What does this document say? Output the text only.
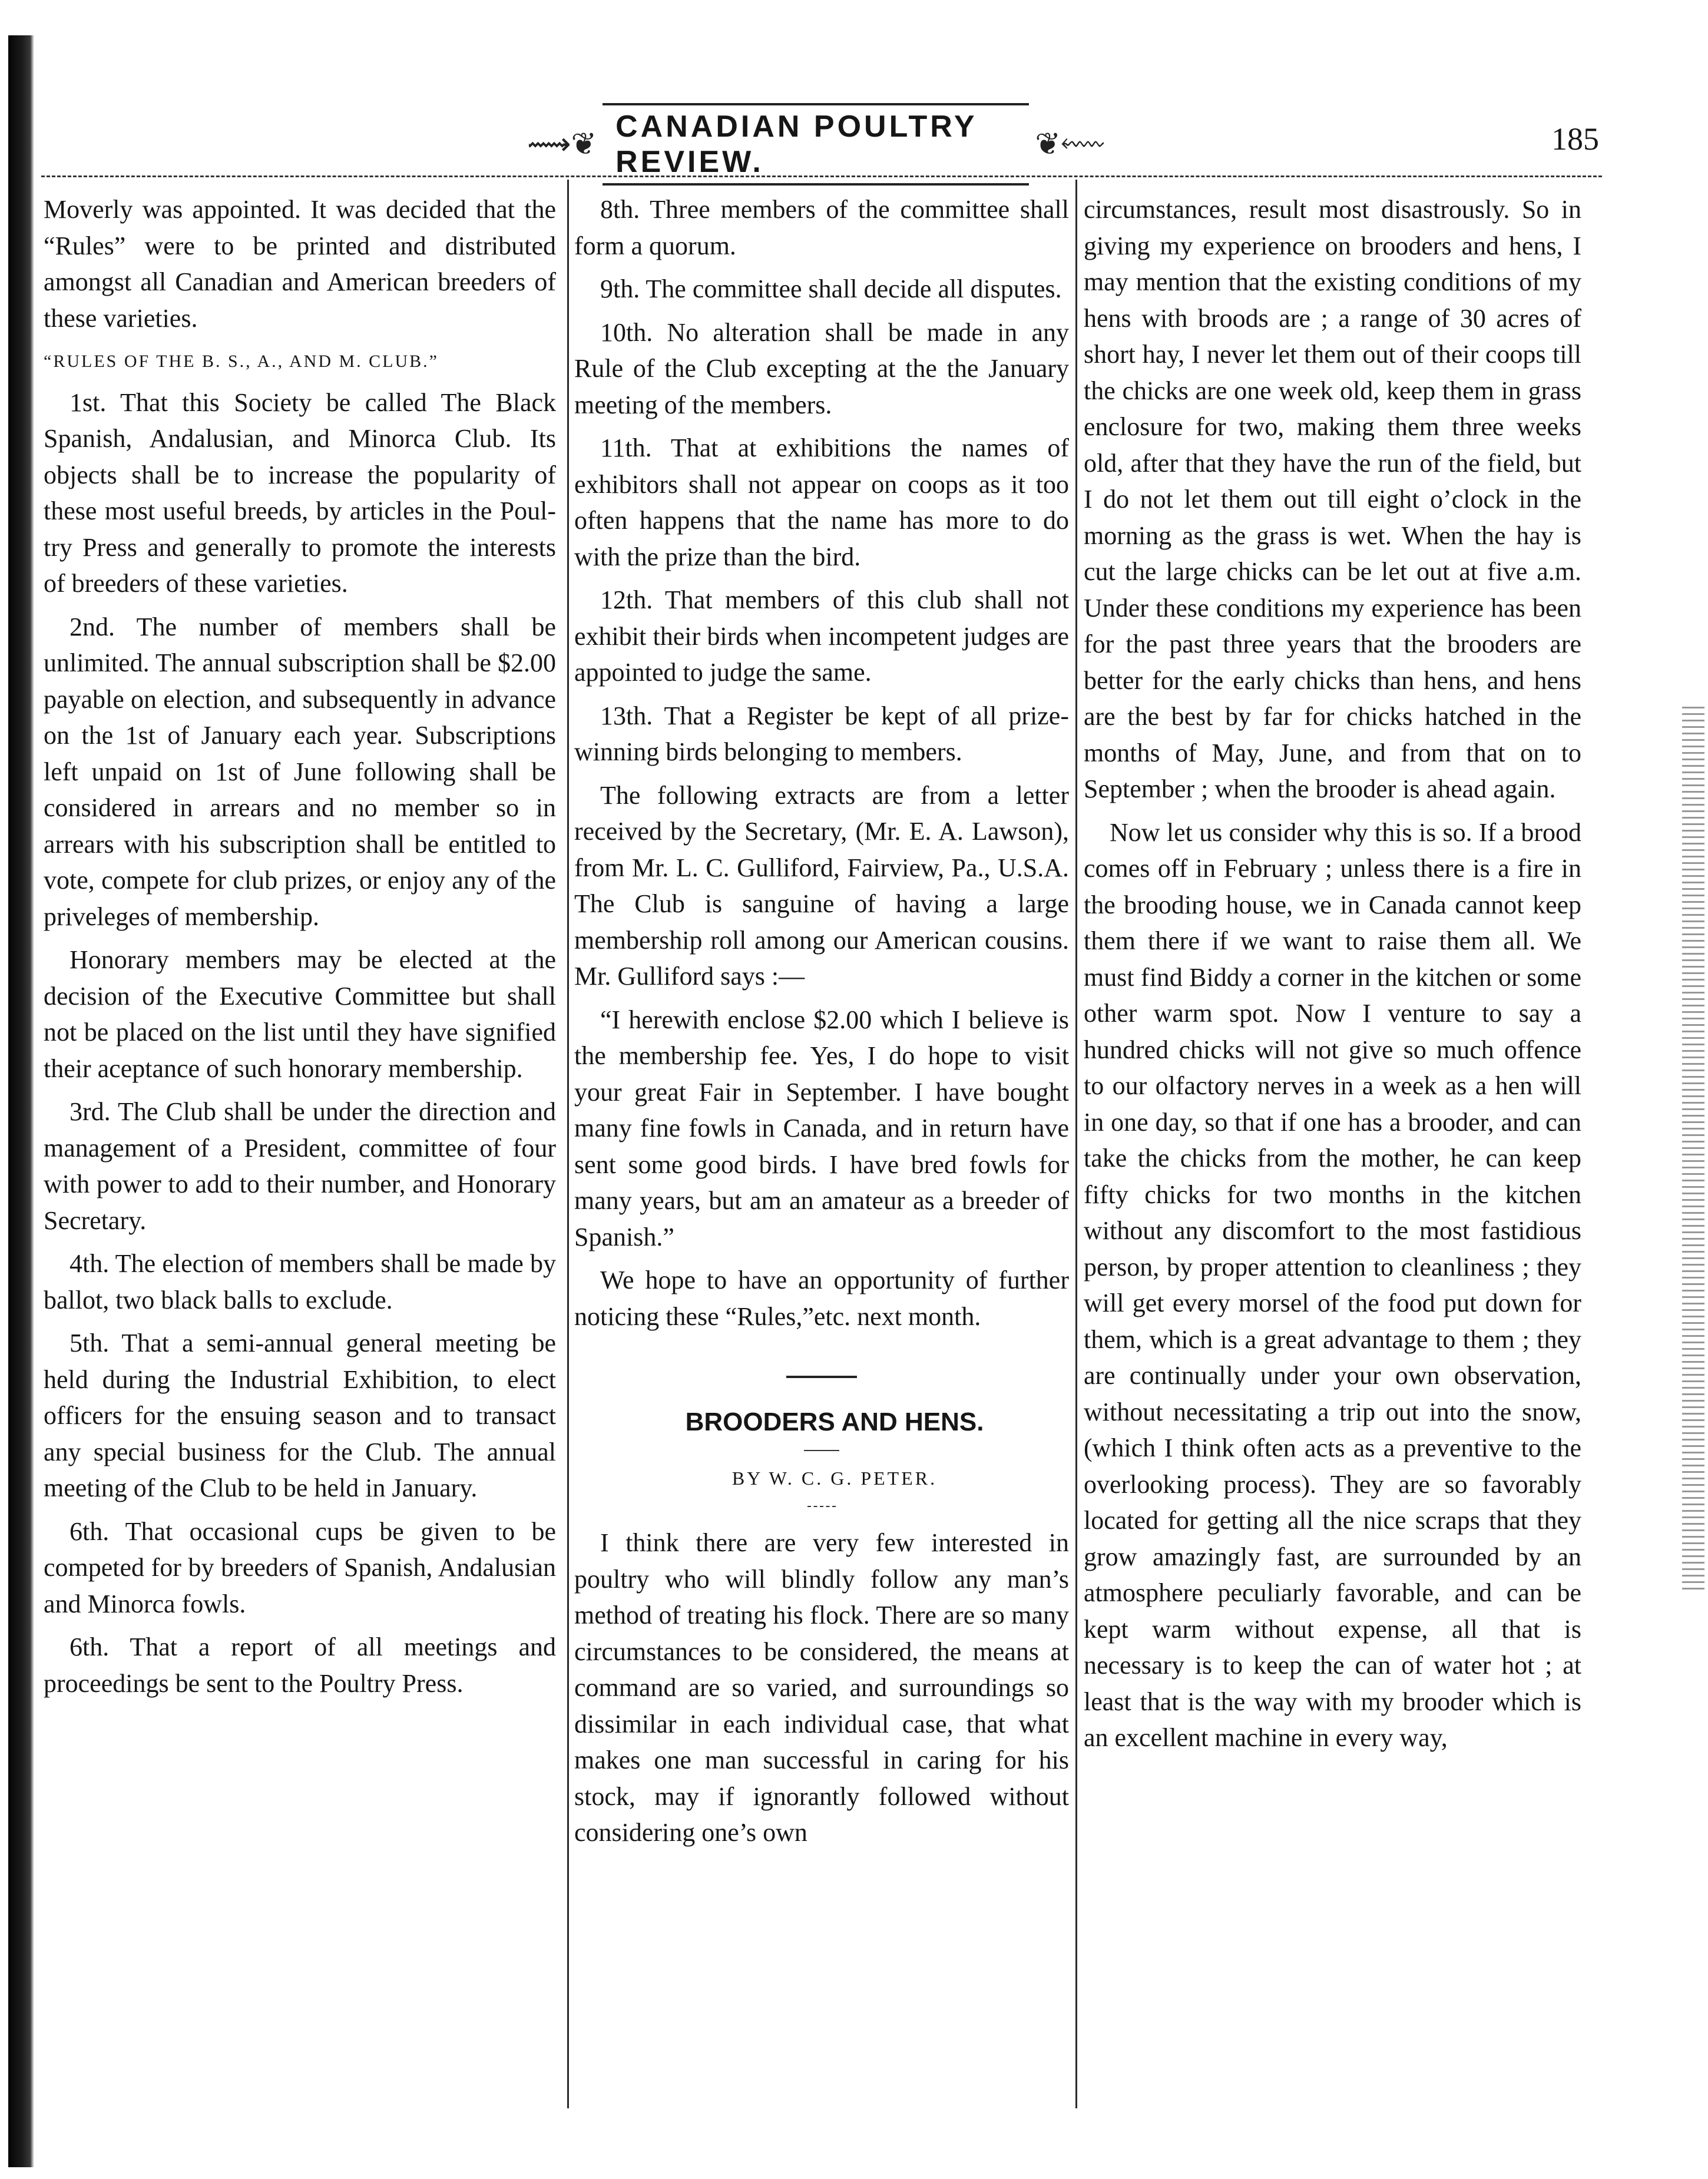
⟿❦ CANADIAN POULTRY REVIEW.
❦⬳	185

Moverly was appointed. It was decided that the “Rules” were to be printed and distributed amongst all Canadian and American breeders of these varieties.

“RULES OF THE B. S., A., AND M. CLUB.”

1st. That this Society be called The Black Spanish, Andalusian, and Minorca Club. Its objects shall be to increase the popularity of these most useful breeds, by articles in the Poultry Press and generally to promote the interests of breeders of these varieties.

2nd. The number of members shall be unlimited. The annual subscription shall be $2.00 payable on election, and subsequently in advance on the 1st of January each year. Subscriptions left unpaid on 1st of June following shall be considered in arrears and no member so in arrears with his subscription shall be entitled to vote, compete for club prizes, or enjoy any of the priveleges of membership.

Honorary members may be elected at the decision of the Executive Committee but shall not be placed on the list until they have signified their aceptance of such honorary membership.

3rd. The Club shall be under the direction and management of a President, committee of four with power to add to their number, and Honorary Secretary.

4th. The election of members shall be made by ballot, two black balls to exclude.

5th. That a semi-annual general meeting be held during the Industrial Exhibition, to elect officers for the ensuing season and to transact any special business for the Club. The annual meeting of the Club to be held in January.

6th. That occasional cups be given to be competed for by breeders of Spanish, Andalusian and Minorca fowls.

6th. That a report of all meetings and proceedings be sent to the Poultry Press.

8th. Three members of the committee shall form a quorum.

9th. The committee shall decide all disputes.

10th. No alteration shall be made in any Rule of the Club excepting at the the January meeting of the members.

11th. That at exhibitions the names of exhibitors shall not appear on coops as it too often happens that the name has more to do with the prize than the bird.

12th. That members of this club shall not exhibit their birds when incompetent judges are appointed to judge the same.

13th. That a Register be kept of all prize-winning birds belonging to members.

The following extracts are from a letter received by the Secretary, (Mr. E. A. Lawson), from Mr. L. C. Gulliford, Fairview, Pa., U.S.A. The Club is sanguine of having a large membership roll among our American cousins. Mr. Gulliford says :—

“I herewith enclose $2.00 which I believe is the membership fee. Yes, I do hope to visit your great Fair in September. I have bought many fine fowls in Canada, and in return have sent some good birds. I have bred fowls for many years, but am an amateur as a breeder of Spanish.”

We hope to have an opportunity of further noticing these “Rules,”etc. next month.

BROODERS AND HENS.

BY W. C. G. PETER.

I think there are very few interested in poultry who will blindly follow any man’s method of treating his flock. There are so many circumstances to be considered, the means at command are so varied, and surroundings so dissimilar in each individual case, that what makes one man successful in caring for his stock, may if ignorantly followed without considering one’s own

circumstances, result most disastrously. So in giving my experience on brooders and hens, I may mention that the existing conditions of my hens with broods are ; a range of 30 acres of short hay, I never let them out of their coops till the chicks are one week old, keep them in grass enclosure for two, making them three weeks old, after that they have the run of the field, but I do not let them out till eight o’clock in the morning as the grass is wet. When the hay is cut the large chicks can be let out at five a.m. Under these conditions my experience has been for the past three years that the brooders are better for the early chicks than hens, and hens are the best by far for chicks hatched in the months of May, June, and from that on to September ; when the brooder is ahead again.

Now let us consider why this is so. If a brood comes off in February ; unless there is a fire in the brooding house, we in Canada cannot keep them there if we want to raise them all. We must find Biddy a corner in the kitchen or some other warm spot. Now I venture to say a hundred chicks will not give so much offence to our olfactory nerves in a week as a hen will in one day, so that if one has a brooder, and can take the chicks from the mother, he can keep fifty chicks for two months in the kitchen without any discomfort to the most fastidious person, by proper attention to cleanliness ; they will get every morsel of the food put down for them, which is a great advantage to them ; they are continually under your own observation, without necessitating a trip out into the snow, (which I think often acts as a preventive to the overlooking process). They are so favorably located for getting all the nice scraps that they grow amazingly fast, are surrounded by an atmosphere peculiarly favorable, and can be kept warm without expense, all that is necessary is to keep the can of water hot ; at least that is the way with my brooder which is an excellent machine in every way,
